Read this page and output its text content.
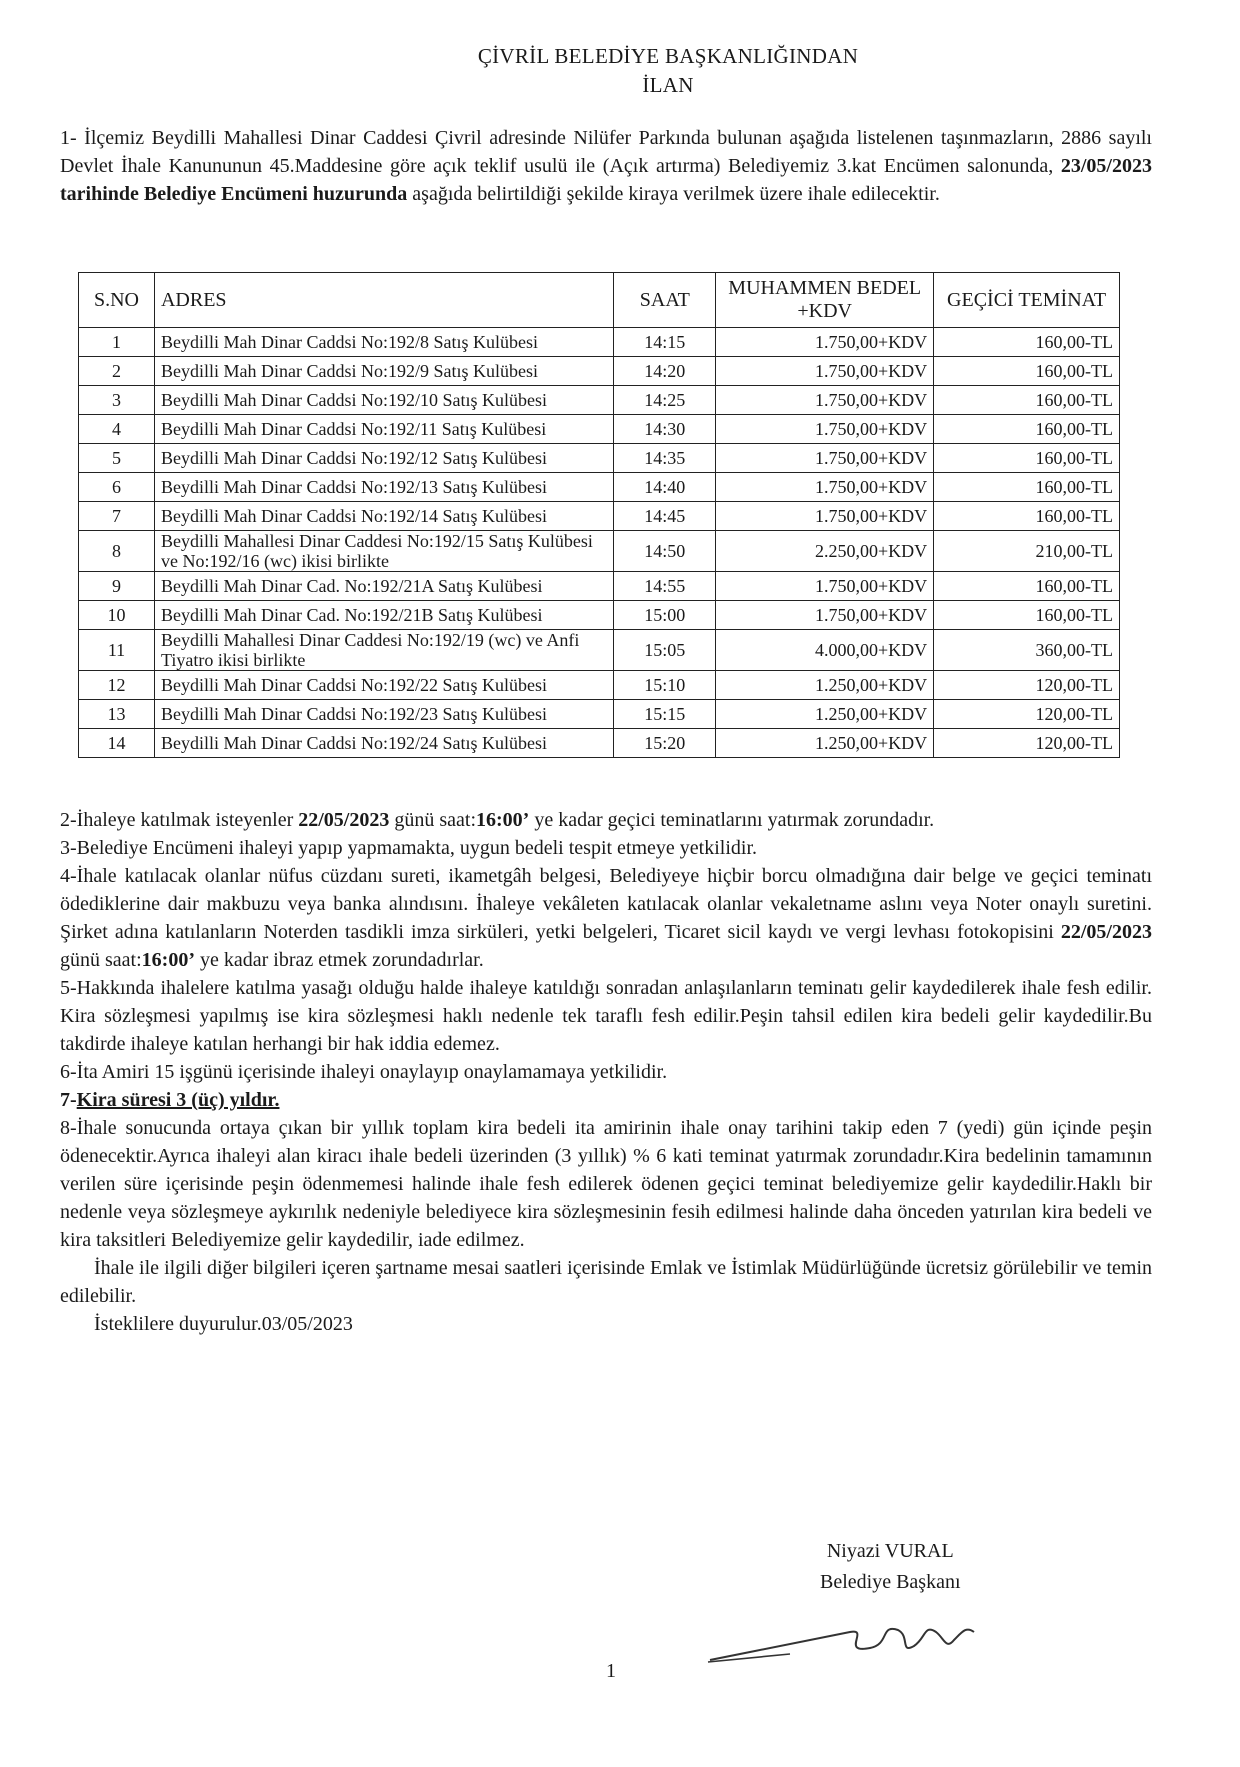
ÇİVRİL BELEDİYE BAŞKANLIĞINDAN
İLAN

1- İlçemiz Beydilli Mahallesi Dinar Caddesi Çivril adresinde Nilüfer Parkında bulunan aşağıda listelenen taşınmazların, 2886 sayılı Devlet İhale Kanununun 45.Maddesine göre açık teklif usulü ile (Açık artırma) Belediyemiz 3.kat Encümen salonunda, 23/05/2023 tarihinde Belediye Encümeni huzurunda aşağıda belirtildiği şekilde kiraya verilmek üzere ihale edilecektir.

S.NO	ADRES	SAAT	MUHAMMEN BEDEL +KDV	GEÇİCİ TEMİNAT
1	Beydilli Mah Dinar Caddsi No:192/8 Satış Kulübesi	14:15	1.750,00+KDV	160,00-TL
2	Beydilli Mah Dinar Caddsi No:192/9 Satış Kulübesi	14:20	1.750,00+KDV	160,00-TL
3	Beydilli Mah Dinar Caddsi No:192/10 Satış Kulübesi	14:25	1.750,00+KDV	160,00-TL
4	Beydilli Mah Dinar Caddsi No:192/11 Satış Kulübesi	14:30	1.750,00+KDV	160,00-TL
5	Beydilli Mah Dinar Caddsi No:192/12 Satış Kulübesi	14:35	1.750,00+KDV	160,00-TL
6	Beydilli Mah Dinar Caddsi No:192/13 Satış Kulübesi	14:40	1.750,00+KDV	160,00-TL
7	Beydilli Mah Dinar Caddsi No:192/14 Satış Kulübesi	14:45	1.750,00+KDV	160,00-TL
8	Beydilli Mahallesi Dinar Caddesi No:192/15 Satış Kulübesi ve No:192/16 (wc) ikisi birlikte	14:50	2.250,00+KDV	210,00-TL
9	Beydilli Mah Dinar Cad. No:192/21A Satış Kulübesi	14:55	1.750,00+KDV	160,00-TL
10	Beydilli Mah Dinar Cad. No:192/21B Satış Kulübesi	15:00	1.750,00+KDV	160,00-TL
11	Beydilli Mahallesi Dinar Caddesi No:192/19 (wc) ve Anfi Tiyatro ikisi birlikte	15:05	4.000,00+KDV	360,00-TL
12	Beydilli Mah Dinar Caddsi No:192/22 Satış Kulübesi	15:10	1.250,00+KDV	120,00-TL
13	Beydilli Mah Dinar Caddsi No:192/23 Satış Kulübesi	15:15	1.250,00+KDV	120,00-TL
14	Beydilli Mah Dinar Caddsi No:192/24 Satış Kulübesi	15:20	1.250,00+KDV	120,00-TL

2-İhaleye katılmak isteyenler 22/05/2023 günü saat:16:00’ ye kadar geçici teminatlarını yatırmak zorundadır.

3-Belediye Encümeni ihaleyi yapıp yapmamakta, uygun bedeli tespit etmeye yetkilidir.

4-İhale katılacak olanlar nüfus cüzdanı sureti, ikametgâh belgesi, Belediyeye hiçbir borcu olmadığına dair belge ve geçici teminatı ödediklerine dair makbuzu veya banka alındısını. İhaleye vekâleten katılacak olanlar vekaletname aslını veya Noter onaylı suretini. Şirket adına katılanların Noterden tasdikli imza sirküleri, yetki belgeleri, Ticaret sicil kaydı ve vergi levhası fotokopisini 22/05/2023 günü saat:16:00’ ye kadar ibraz etmek zorundadırlar.

5-Hakkında ihalelere katılma yasağı olduğu halde ihaleye katıldığı sonradan anlaşılanların teminatı gelir kaydedilerek ihale fesh edilir. Kira sözleşmesi yapılmış ise kira sözleşmesi haklı nedenle tek taraflı fesh edilir.Peşin tahsil edilen kira bedeli gelir kaydedilir.Bu takdirde ihaleye katılan herhangi bir hak iddia edemez.

6-İta Amiri 15 işgünü içerisinde ihaleyi onaylayıp onaylamamaya yetkilidir.

7-Kira süresi 3 (üç) yıldır.

8-İhale sonucunda ortaya çıkan bir yıllık toplam kira bedeli ita amirinin ihale onay tarihini takip eden 7 (yedi) gün içinde peşin ödenecektir.Ayrıca ihaleyi alan kiracı ihale bedeli üzerinden (3 yıllık) % 6 kati teminat yatırmak zorundadır.Kira bedelinin tamamının verilen süre içerisinde peşin ödenmemesi halinde ihale fesh edilerek ödenen geçici teminat belediyemize gelir kaydedilir.Haklı bir nedenle veya sözleşmeye aykırılık nedeniyle belediyece kira sözleşmesinin fesih edilmesi halinde daha önceden yatırılan kira bedeli ve kira taksitleri Belediyemize gelir kaydedilir, iade edilmez.

İhale ile ilgili diğer bilgileri içeren şartname mesai saatleri içerisinde Emlak ve İstimlak Müdürlüğünde ücretsiz görülebilir ve temin edilebilir.

İsteklilere duyurulur.03/05/2023

Niyazi VURAL
Belediye Başkanı
1
